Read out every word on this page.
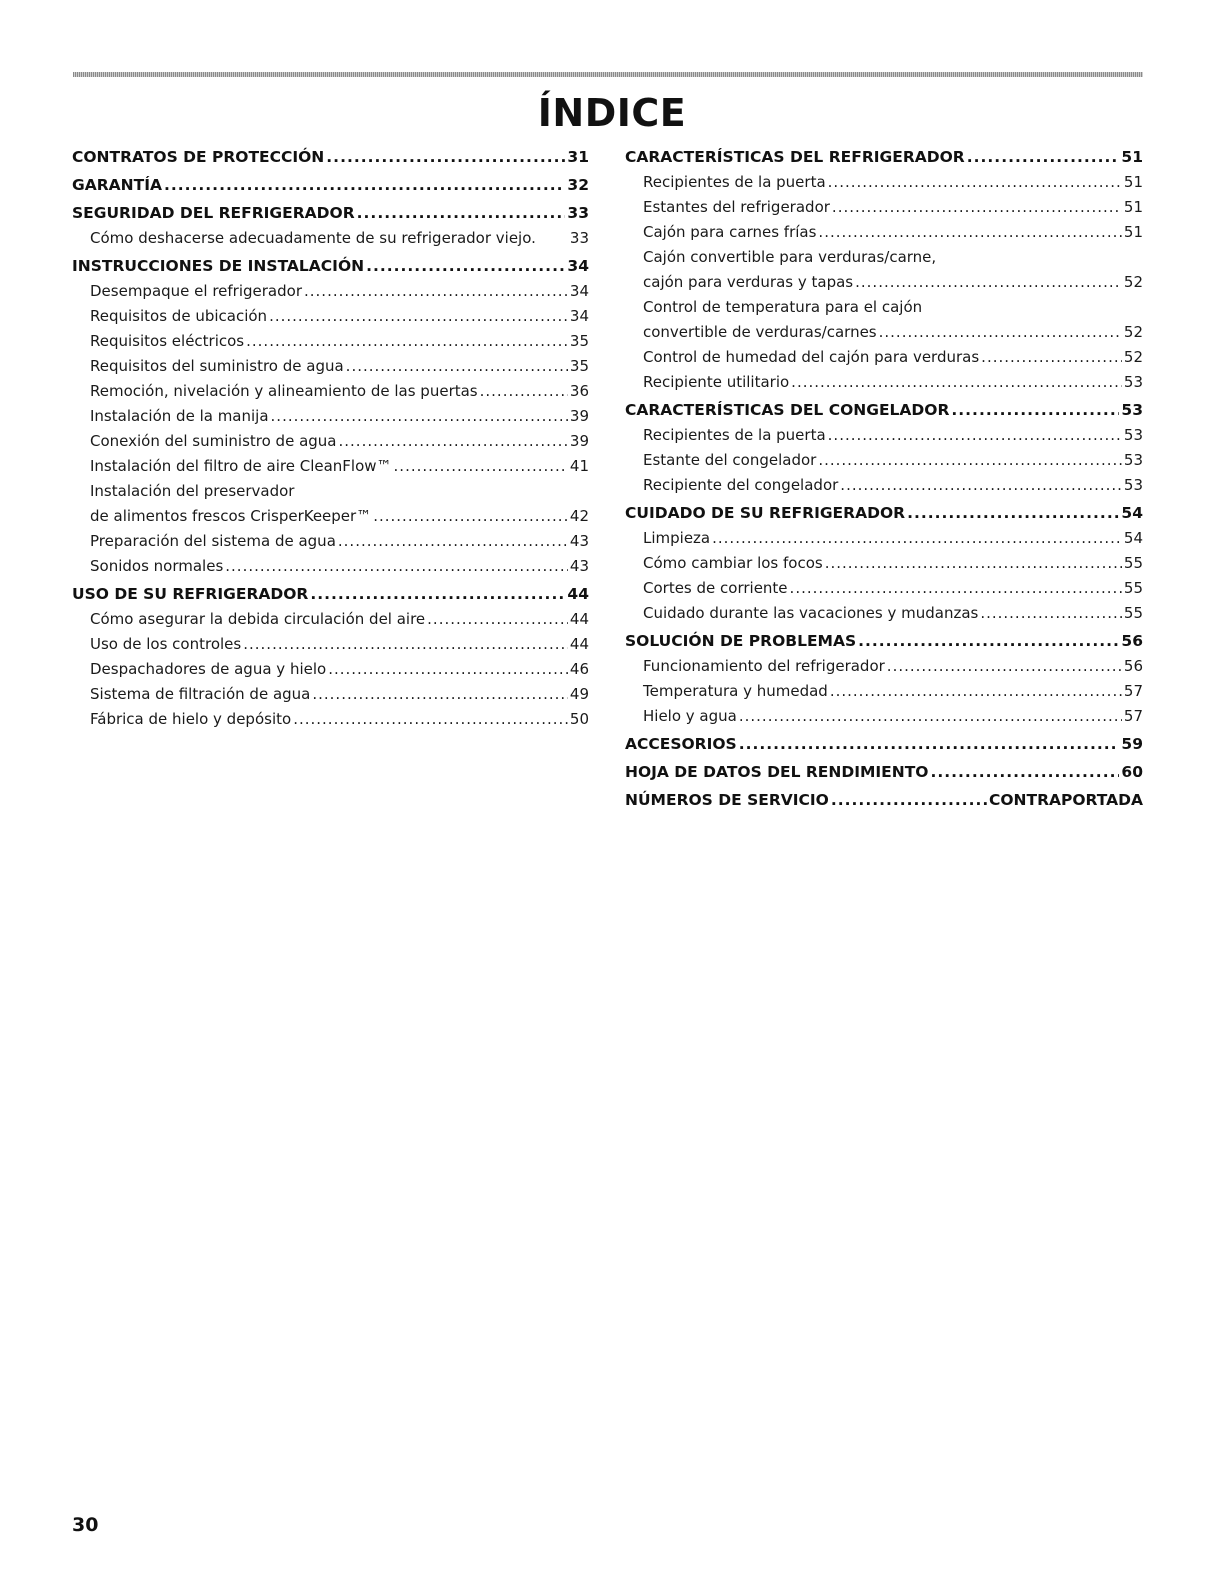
ÍNDICE
CONTRATOS DE PROTECCIÓN .....	31
GARANTÍA .....	32
SEGURIDAD DEL REFRIGERADOR .....	33
Cómo deshacerse adecuadamente de su refrigerador viejo. 33
INSTRUCCIONES DE INSTALACIÓN .....	34
Desempaque el refrigerador .....	34
Requisitos de ubicación .....	34
Requisitos eléctricos .....	35
Requisitos del suministro de agua .....	35
Remoción, nivelación y alineamiento de las puertas .....	36
Instalación de la manija .....	39
Conexión del suministro de agua .....	39
Instalación del filtro de aire CleanFlow™ .....	41
Instalación del preservador
de alimentos frescos CrisperKeeper™ .....	42
Preparación del sistema de agua .....	43
Sonidos normales .....	43
USO DE SU REFRIGERADOR .....	44
Cómo asegurar la debida circulación del aire .....	44
Uso de los controles .....	44
Despachadores de agua y hielo .....	46
Sistema de filtración de agua .....	49
Fábrica de hielo y depósito .....	50
CARACTERÍSTICAS DEL REFRIGERADOR .....	51
Recipientes de la puerta .....	51
Estantes del refrigerador .....	51
Cajón para carnes frías .....	51
Cajón convertible para verduras/carne,
cajón para verduras y tapas .....	52
Control de temperatura para el cajón
convertible de verduras/carnes .....	52
Control de humedad del cajón para verduras .....	52
Recipiente utilitario .....	53
CARACTERÍSTICAS DEL CONGELADOR .....	53
Recipientes de la puerta .....	53
Estante del congelador .....	53
Recipiente del congelador .....	53
CUIDADO DE SU REFRIGERADOR .....	54
Limpieza .....	54
Cómo cambiar los focos .....	55
Cortes de corriente .....	55
Cuidado durante las vacaciones y mudanzas .....	55
SOLUCIÓN DE PROBLEMAS .....	56
Funcionamiento del refrigerador .....	56
Temperatura y humedad .....	57
Hielo y agua .....	57
ACCESORIOS .....	59
HOJA DE DATOS DEL RENDIMIENTO .....	60
NÚMEROS DE SERVICIO .....	CONTRAPORTADA
30
